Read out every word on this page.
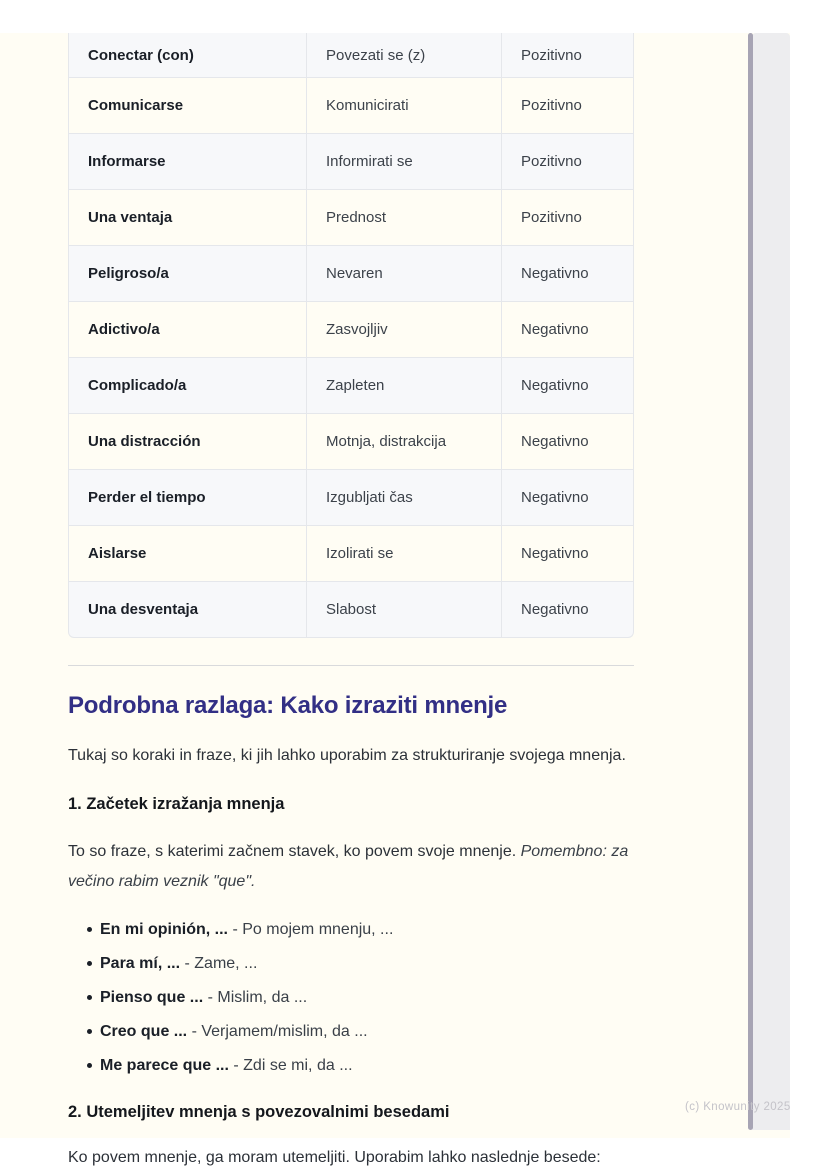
Conectar (con)	Povezati se (z)	Pozitivno
Comunicarse	Komunicirati	Pozitivno
Informarse	Informirati se	Pozitivno
Una ventaja	Prednost	Pozitivno
Peligroso/a	Nevaren	Negativno
Adictivo/a	Zasvojljiv	Negativno
Complicado/a	Zapleten	Negativno
Una distracción	Motnja, distrakcija	Negativno
Perder el tiempo	Izgubljati čas	Negativno
Aislarse	Izolirati se	Negativno
Una desventaja	Slabost	Negativno
Podrobna razlaga: Kako izraziti mnenje

Tukaj so koraki in fraze, ki jih lahko uporabim za strukturiranje svojega mnenja.

1. Začetek izražanja mnenja

To so fraze, s katerimi začnem stavek, ko povem svoje mnenje. Pomembno: za večino rabim veznik "que".

En mi opinión, ... - Po mojem mnenju, ...
Para mí, ... - Zame, ...
Pienso que ... - Mislim, da ...
Creo que ... - Verjamem/mislim, da ...
Me parece que ... - Zdi se mi, da ...
2. Utemeljitev mnenja s povezovalnimi besedami

Ko povem mnenje, ga moram utemeljiti. Uporabim lahko naslednje besede:

(c) Knowunity 2025
